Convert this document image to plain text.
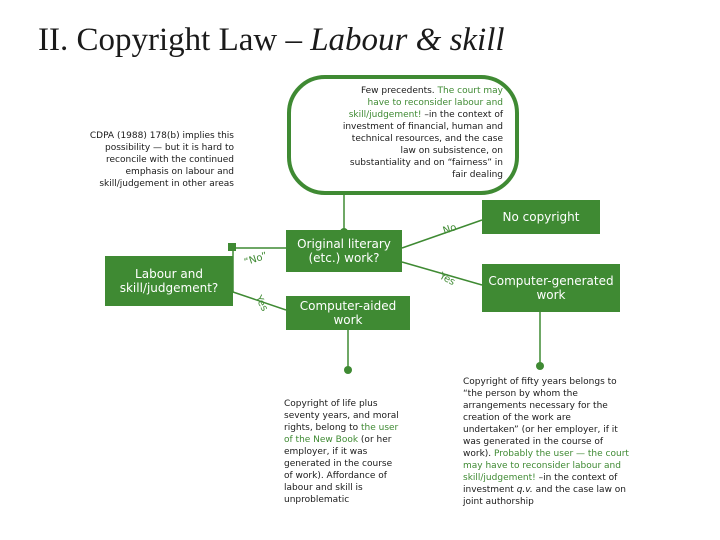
II. Copyright Law – Labour & skill
Few precedents. The court may have to reconsider labour and skill/judgement! –in the context of investment of financial, human and technical resources, and the case law on subsistence, on substantiality and on “fairness” in fair dealing
CDPA (1988) 178(b) implies this possibility — but it is hard to reconcile with the continued emphasis on labour and skill/judgement in other areas
Labour and skill/judgement?
Original literary (etc.) work?
Computer-aided work
No copyright
Computer-generated work
“No”
Yes
No
Yes
Copyright of life plus seventy years, and moral rights, belong to the user of the New Book (or her employer, if it was generated in the course of work). Affordance of labour and skill is unproblematic
Copyright of fifty years belongs to “the person by whom the arrangements necessary for the creation of the work are undertaken” (or her employer, if it was generated in the course of work). Probably the user — the court may have to reconsider labour and skill/judgement! –in the context of investment q.v. and the case law on joint authorship
